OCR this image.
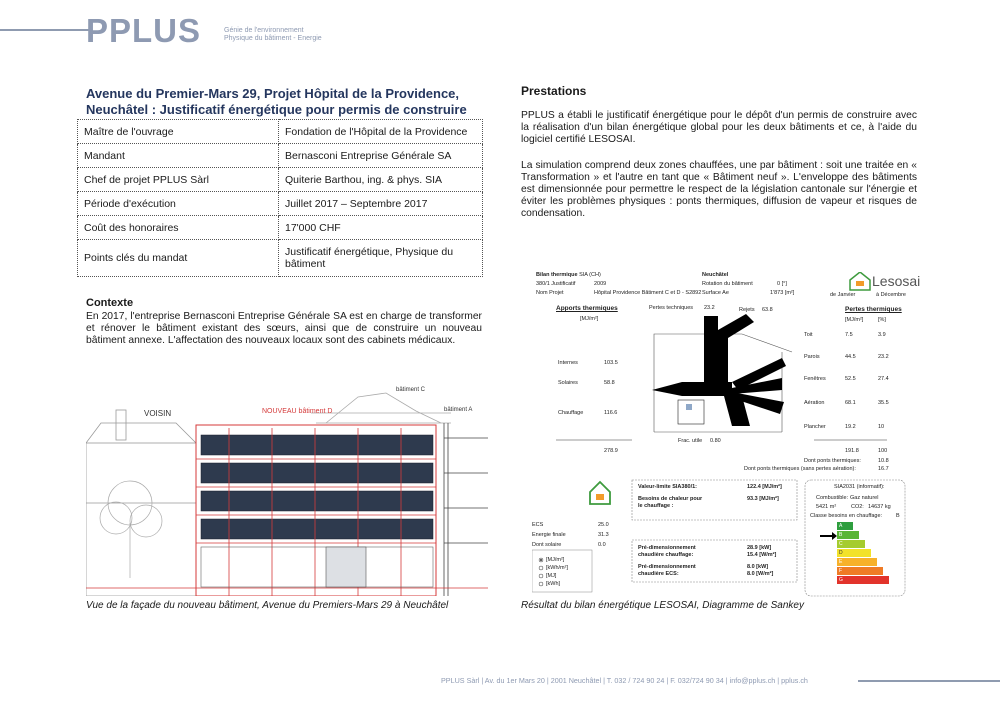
PPLUS	Génie de l'environnement
Physique du bâtiment - Energie
Avenue du Premier-Mars 29, Projet Hôpital de la Providence, Neuchâtel : Justificatif énergétique pour permis de construire
Maître de l'ouvrage	Fondation de l'Hôpital de la Providence
Mandant	Bernasconi Entreprise Générale SA
Chef de projet PPLUS Sàrl	Quiterie Barthou, ing. & phys. SIA
Période d'exécution	Juillet 2017 – Septembre 2017
Coût des honoraires	17'000 CHF
Points clés du mandat	Justificatif énergétique, Physique du bâtiment
Contexte
En 2017, l'entreprise Bernasconi Entreprise Générale SA est en charge de transformer et rénover le bâtiment existant des sœurs, ainsi que de construire un nouveau bâtiment annexe. L'affectation des nouveaux locaux sont des cabinets médicaux.
VOISIN	NOUVEAU bâtiment D
bâtiment C
bâtiment A
Vue de la façade du nouveau bâtiment, Avenue du Premiers-Mars 29 à Neuchâtel
Prestations
PPLUS a établi le justificatif énergétique pour le dépôt d'un permis de construire avec la réalisation d'un bilan énergétique global pour les deux bâtiments et ce, à l'aide du logiciel certifié LESOSAI.
La simulation comprend deux zones chauffées, une par bâtiment : soit une traitée en « Transformation » et l'autre en tant que « Bâtiment neuf ». L'enveloppe des bâtiments est dimensionnée pour permettre le respect de la législation cantonale sur l'énergie et éviter les problèmes physiques : ponts thermiques, diffusion de vapeur et risques de condensation.
Bilan thermique SIA (CH)
380/1 Justificatif	2009
Nom Projet	Hôpital Providence Bâtiment C et D - S2892
Neuchâtel
Rotation du bâtiment	0 [°]
Surface Ae	1'873 [m²]
Lesosai
de Janvier	à Décembre
Apports thermiques
[MJ/m²]
Pertes techniques 23.2	Rejets 63.8
Internes	103.5
Solaires	58.8
Chauffage	116.6
278.9
Frac. utile 0.80
Pertes thermiques
[MJ/m²]	[%]
Toit	7.5	3.9
Parois	44.5	23.2
Fenêtres	52.5	27.4
Aération	68.1	35.5
Plancher	19.2	10
191.8	100
Dont ponts thermiques:	10.8
Dont ponts thermiques (sans pertes aération):	16.7
Valeur-limite SIA380/1:	122.4 [MJ/m²]
Besoins de chaleur pour le chauffage :
93.3 [MJ/m²]
Pré-dimensionnement chaudière chauffage:
28.9 [kW]
15.4 [W/m²]
Pré-dimensionnement chaudière ECS:
8.0 [kW]
8.0 [W/m²]
SIA2031 (informatif):
Combustible: Gaz naturel
5421 m²	CO2: 14637 kg
Classe besoins en chauffage:	B
A
B
C
D
E
F
G
ECS	25.0
Energie finale	31.3
Dont solaire	0.0
[MJ/m²]
[kWh/m²]
[MJ]
[kWh]
Résultat du bilan énergétique LESOSAI, Diagramme de Sankey
PPLUS Sàrl | Av. du 1er Mars 20 | 2001 Neuchâtel | T. 032 / 724 90 24 | F. 032/724 90 34 | info@pplus.ch | pplus.ch
